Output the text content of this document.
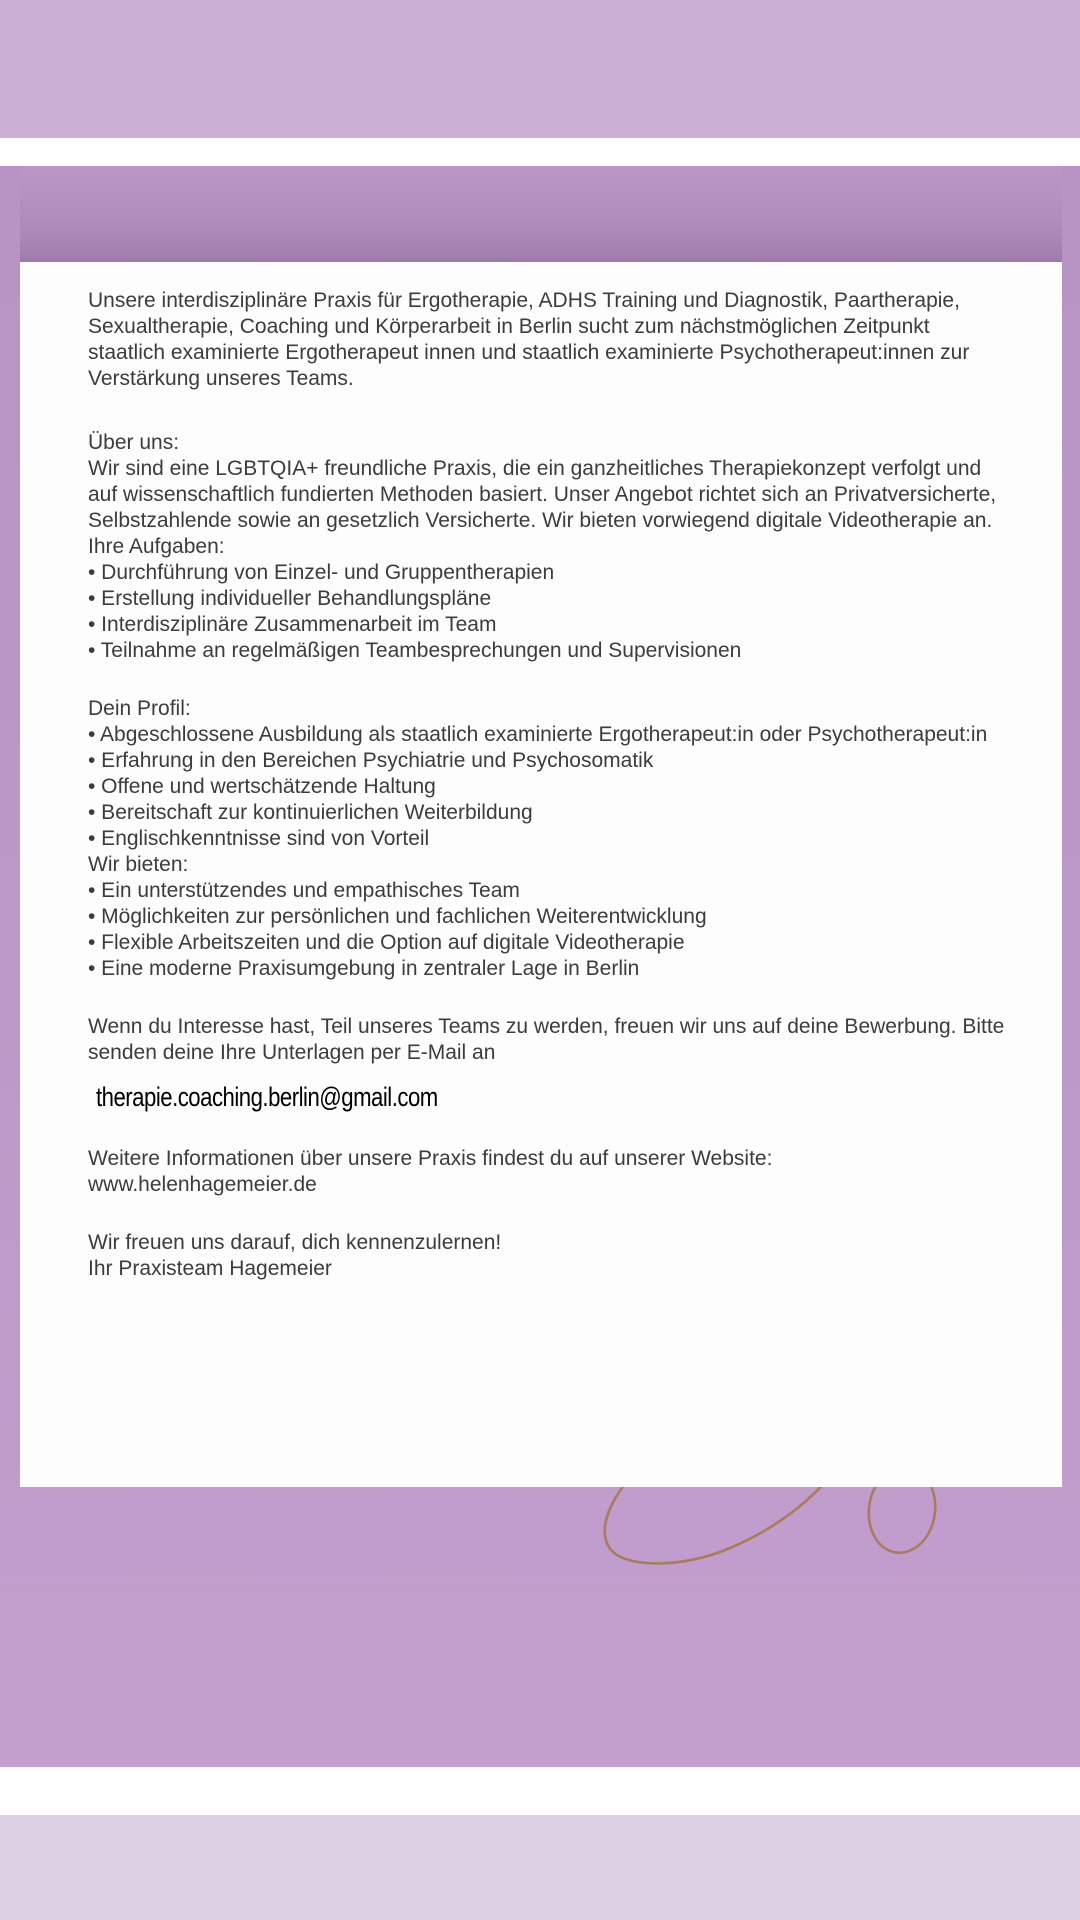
Unsere interdisziplinäre Praxis für Ergotherapie, ADHS Training und Diagnostik, Paartherapie, Sexualtherapie, Coaching und Körperarbeit in Berlin sucht zum nächstmöglichen Zeitpunkt staatlich examinierte Ergotherapeut innen und staatlich examinierte Psychotherapeut:innen zur Verstärkung unseres Teams.

Über uns:

Wir sind eine LGBTQIA+ freundliche Praxis, die ein ganzheitliches Therapiekonzept verfolgt und auf wissenschaftlich fundierten Methoden basiert. Unser Angebot richtet sich an Privatversicherte, Selbstzahlende sowie an gesetzlich Versicherte. Wir bieten vorwiegend digitale Videotherapie an.

Ihre Aufgaben:

• Durchführung von Einzel- und Gruppentherapien
• Erstellung individueller Behandlungspläne
• Interdisziplinäre Zusammenarbeit im Team
• Teilnahme an regelmäßigen Teambesprechungen und Supervisionen

Dein Profil:

• Abgeschlossene Ausbildung als staatlich examinierte Ergotherapeut:in oder Psychotherapeut:in
• Erfahrung in den Bereichen Psychiatrie und Psychosomatik
• Offene und wertschätzende Haltung
• Bereitschaft zur kontinuierlichen Weiterbildung
• Englischkenntnisse sind von Vorteil

Wir bieten:

• Ein unterstützendes und empathisches Team
• Möglichkeiten zur persönlichen und fachlichen Weiterentwicklung
• Flexible Arbeitszeiten und die Option auf digitale Videotherapie
• Eine moderne Praxisumgebung in zentraler Lage in Berlin

Wenn du Interesse hast, Teil unseres Teams zu werden, freuen wir uns auf deine Bewerbung. Bitte senden deine Ihre Unterlagen per E-Mail an

therapie.coaching.berlin@gmail.com

Weitere Informationen über unsere Praxis findest du auf unserer Website:

www.helenhagemeier.de

Wir freuen uns darauf, dich kennenzulernen!

Ihr Praxisteam Hagemeier
